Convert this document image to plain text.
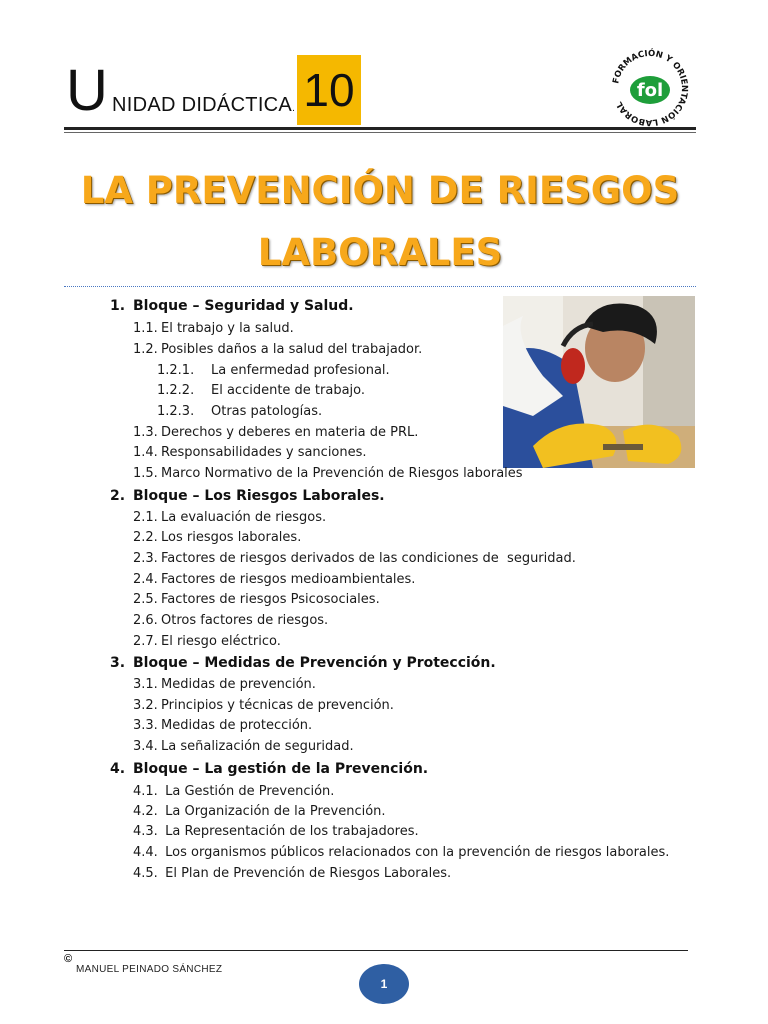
U NIDAD DIDÁCTICA. 10	FORMACIÓN Y ORIENTACIÓN LABORAL
fol
LA PREVENCIÓN DE RIESGOS
LABORALES
1. Bloque – Seguridad y Salud.
1.1. El trabajo y la salud.
1.2. Posibles daños a la salud del trabajador.
1.2.1. La enfermedad profesional.
1.2.2. El accidente de trabajo.
1.2.3. Otras patologías.
1.3. Derechos y deberes en materia de PRL.
1.4. Responsabilidades y sanciones.
1.5. Marco Normativo de la Prevención de Riesgos laborales
2. Bloque – Los Riesgos Laborales.
2.1. La evaluación de riesgos.
2.2. Los riesgos laborales.
2.3. Factores de riesgos derivados de las condiciones de  seguridad.
2.4. Factores de riesgos medioambientales.
2.5. Factores de riesgos Psicosociales.
2.6. Otros factores de riesgos.
2.7. El riesgo eléctrico.
3. Bloque – Medidas de Prevención y Protección.
3.1. Medidas de prevención.
3.2. Principios y técnicas de prevención.
3.3. Medidas de protección.
3.4. La señalización de seguridad.
4. Bloque – La gestión de la Prevención.
4.1. La Gestión de Prevención.
4.2. La Organización de la Prevención.
4.3. La Representación de los trabajadores.
4.4. Los organismos públicos relacionados con la prevención de riesgos laborales.
4.5. El Plan de Prevención de Riesgos Laborales.
©
MANUEL PEINADO SÁNCHEZ
1
